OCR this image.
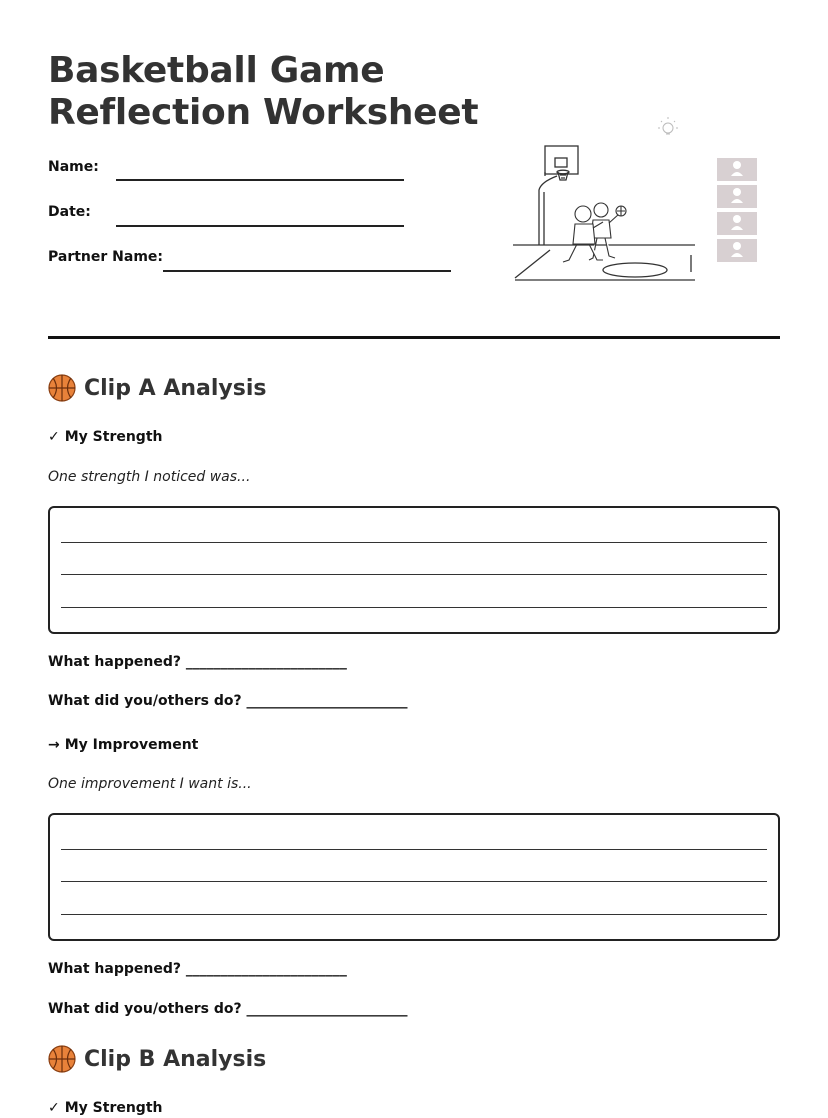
Basketball Game
Reflection Worksheet
Name:
Date:
Partner Name:
Clip A Analysis
✓ My Strength
One strength I noticed was...
What happened? _______________________
What did you/others do? _______________________
→ My Improvement
One improvement I want is...
What happened? _______________________
What did you/others do? _______________________
Clip B Analysis
✓ My Strength
